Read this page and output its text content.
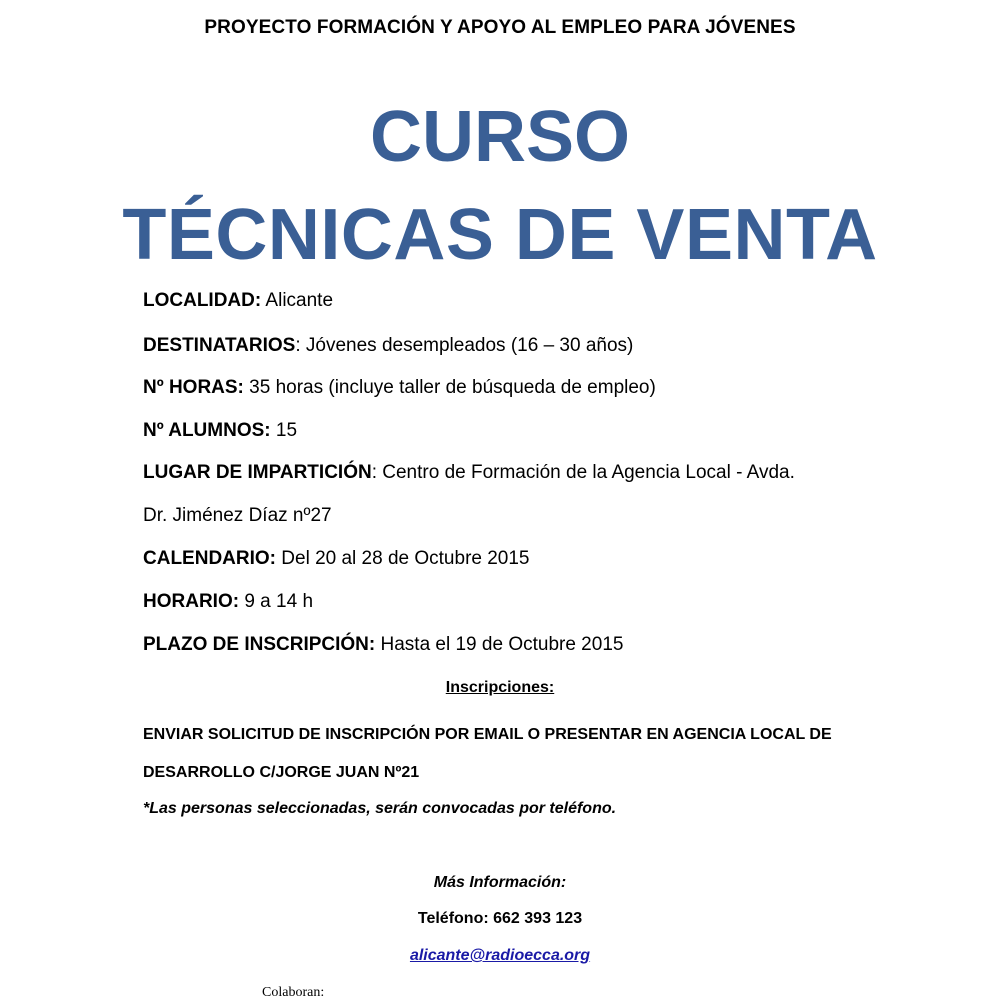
PROYECTO FORMACIÓN Y APOYO AL EMPLEO PARA JÓVENES
CURSO
TÉCNICAS DE VENTA
LOCALIDAD: Alicante
DESTINATARIOS: Jóvenes desempleados (16 – 30 años)
Nº HORAS: 35 horas (incluye taller de búsqueda de empleo)
Nº ALUMNOS: 15
LUGAR DE IMPARTICIÓN: Centro de Formación de la Agencia Local - Avda.
Dr. Jiménez Díaz nº27
CALENDARIO: Del 20 al 28 de Octubre 2015
HORARIO: 9 a 14 h
PLAZO DE INSCRIPCIÓN: Hasta el 19 de Octubre 2015
Inscripciones:
ENVIAR SOLICITUD DE INSCRIPCIÓN POR EMAIL O PRESENTAR EN AGENCIA LOCAL DE
DESARROLLO C/JORGE JUAN Nº21
*Las personas seleccionadas, serán convocadas por teléfono.
Más Información:
Teléfono: 662 393 123
alicante@radioecca.org
Colaboran:
